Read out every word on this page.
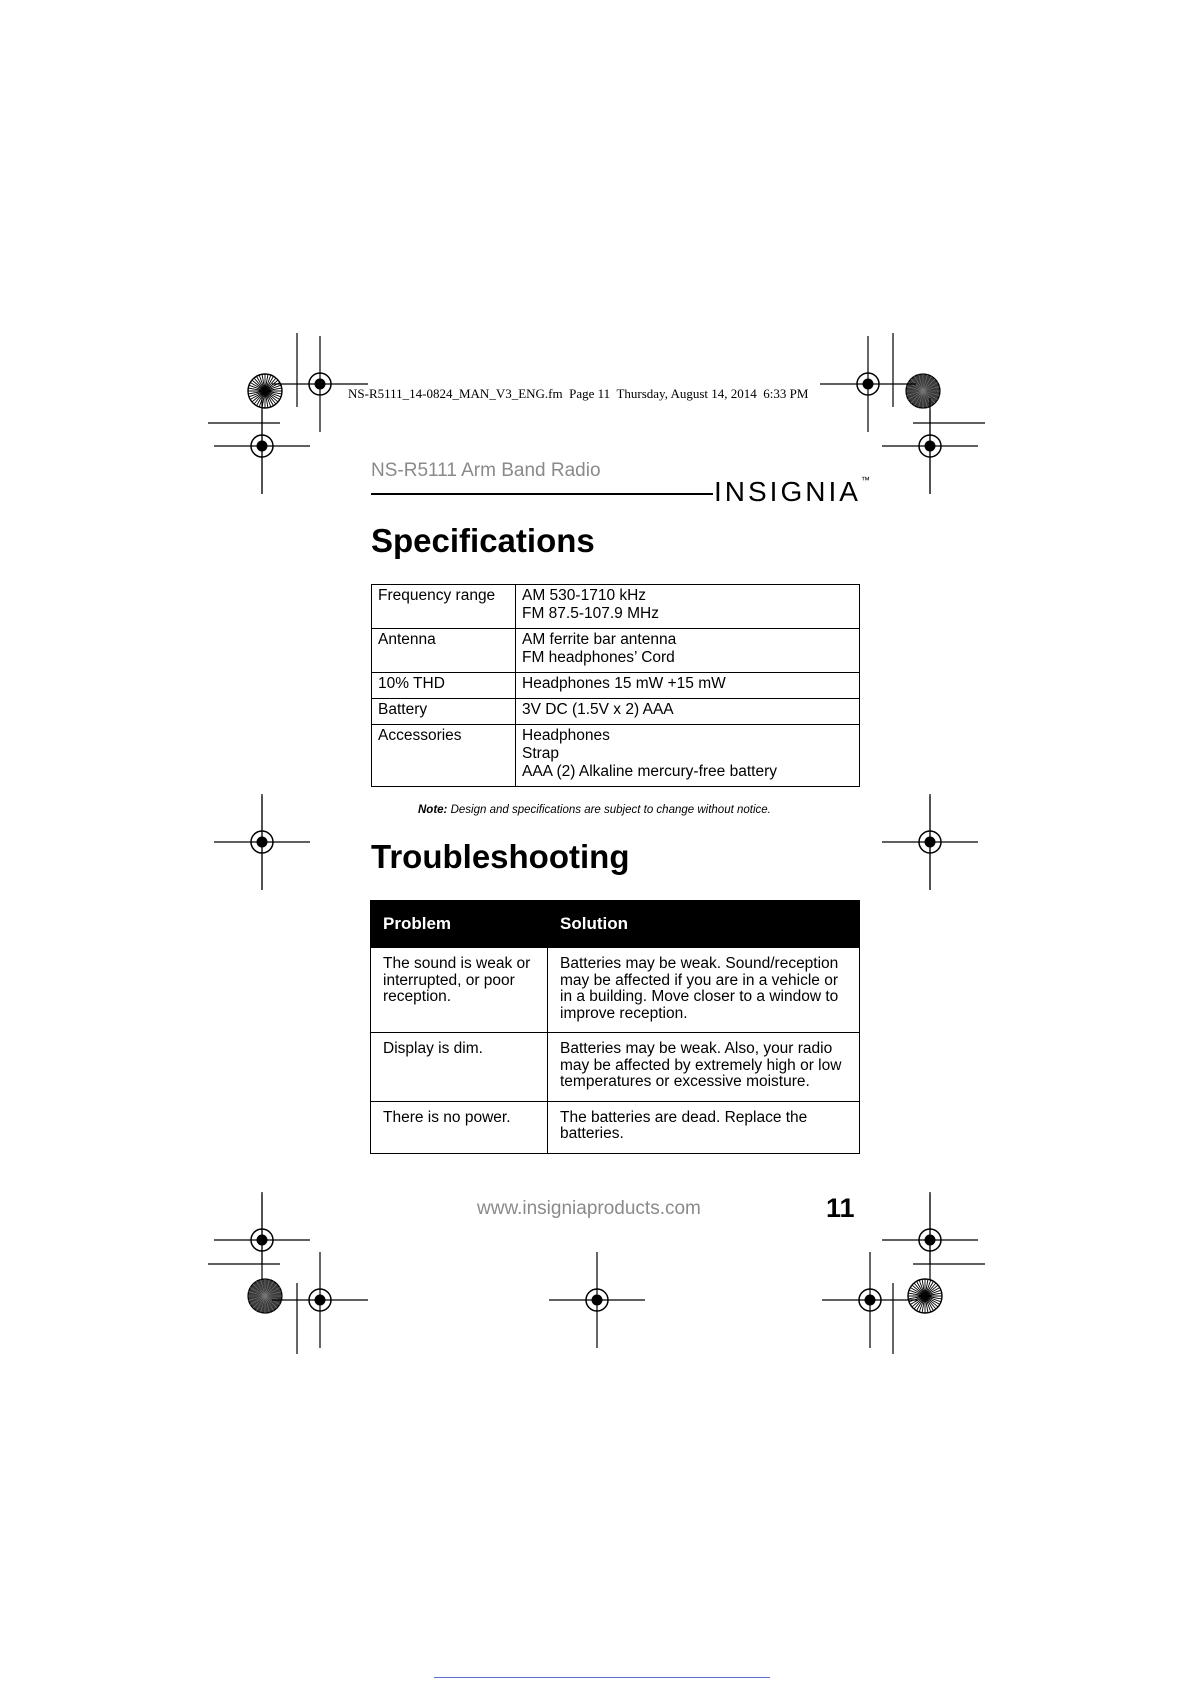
NS-R5111_14-0824_MAN_V3_ENG.fm Page 11 Thursday, August 14, 2014 6:33 PM
NS-R5111 Arm Band Radio
INSIGNIA™
Specifications
Frequency range	AM 530-1710 kHz
FM 87.5-107.9 MHz

Antenna	AM ferrite bar antenna
FM headphones’ Cord

10% THD	Headphones 15 mW +15 mW

Battery	3V DC (1.5V x 2) AAA

Accessories	Headphones
Strap
AAA (2) Alkaline mercury-free battery
Note: Design and specifications are subject to change without notice.
Troubleshooting
Problem	Solution
The sound is weak or interrupted, or poor reception.	Batteries may be weak. Sound/reception may be affected if you are in a vehicle or in a building. Move closer to a window to improve reception.
Display is dim.	Batteries may be weak. Also, your radio may be affected by extremely high or low temperatures or excessive moisture.
There is no power.	The batteries are dead. Replace the batteries.
www.insigniaproducts.com	11
